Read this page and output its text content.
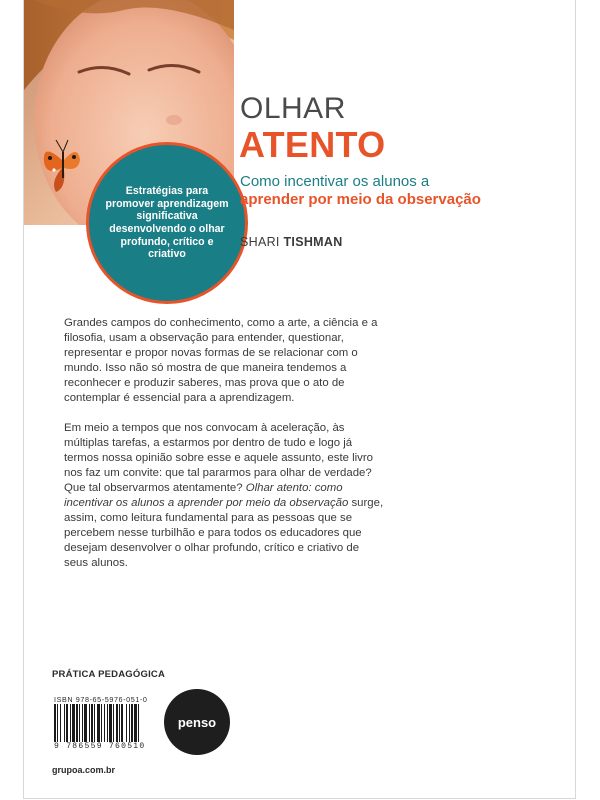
Estratégias para promover aprendizagem significativa desenvolvendo o olhar profundo, crítico e criativo
OLHAR
ATENTO
Como incentivar os alunos a
aprender por meio da observação
SHARI TISHMAN

Grandes campos do conhecimento, como a arte, a ciência e a filosofia, usam a observação para entender, questionar, representar e propor novas formas de se relacionar com o mundo. Isso não só mostra de que maneira tendemos a reconhecer e produzir saberes, mas prova que o ato de contemplar é essencial para a aprendizagem.

Em meio a tempos que nos convocam à aceleração, às múltiplas tarefas, a estarmos por dentro de tudo e logo já termos nossa opinião sobre esse e aquele assunto, este livro nos faz um convite: que tal pararmos para olhar de verdade? Que tal observarmos atentamente? Olhar atento: como incentivar os alunos a aprender por meio da observação surge, assim, como leitura fundamental para as pessoas que se percebem nesse turbilhão e para todos os educadores que desejam desenvolver o olhar profundo, crítico e criativo de seus alunos.

PRÁTICA PEDAGÓGICA
ISBN 978-65-5976-051-0
9 786559 760510
penso
grupoa.com.br
